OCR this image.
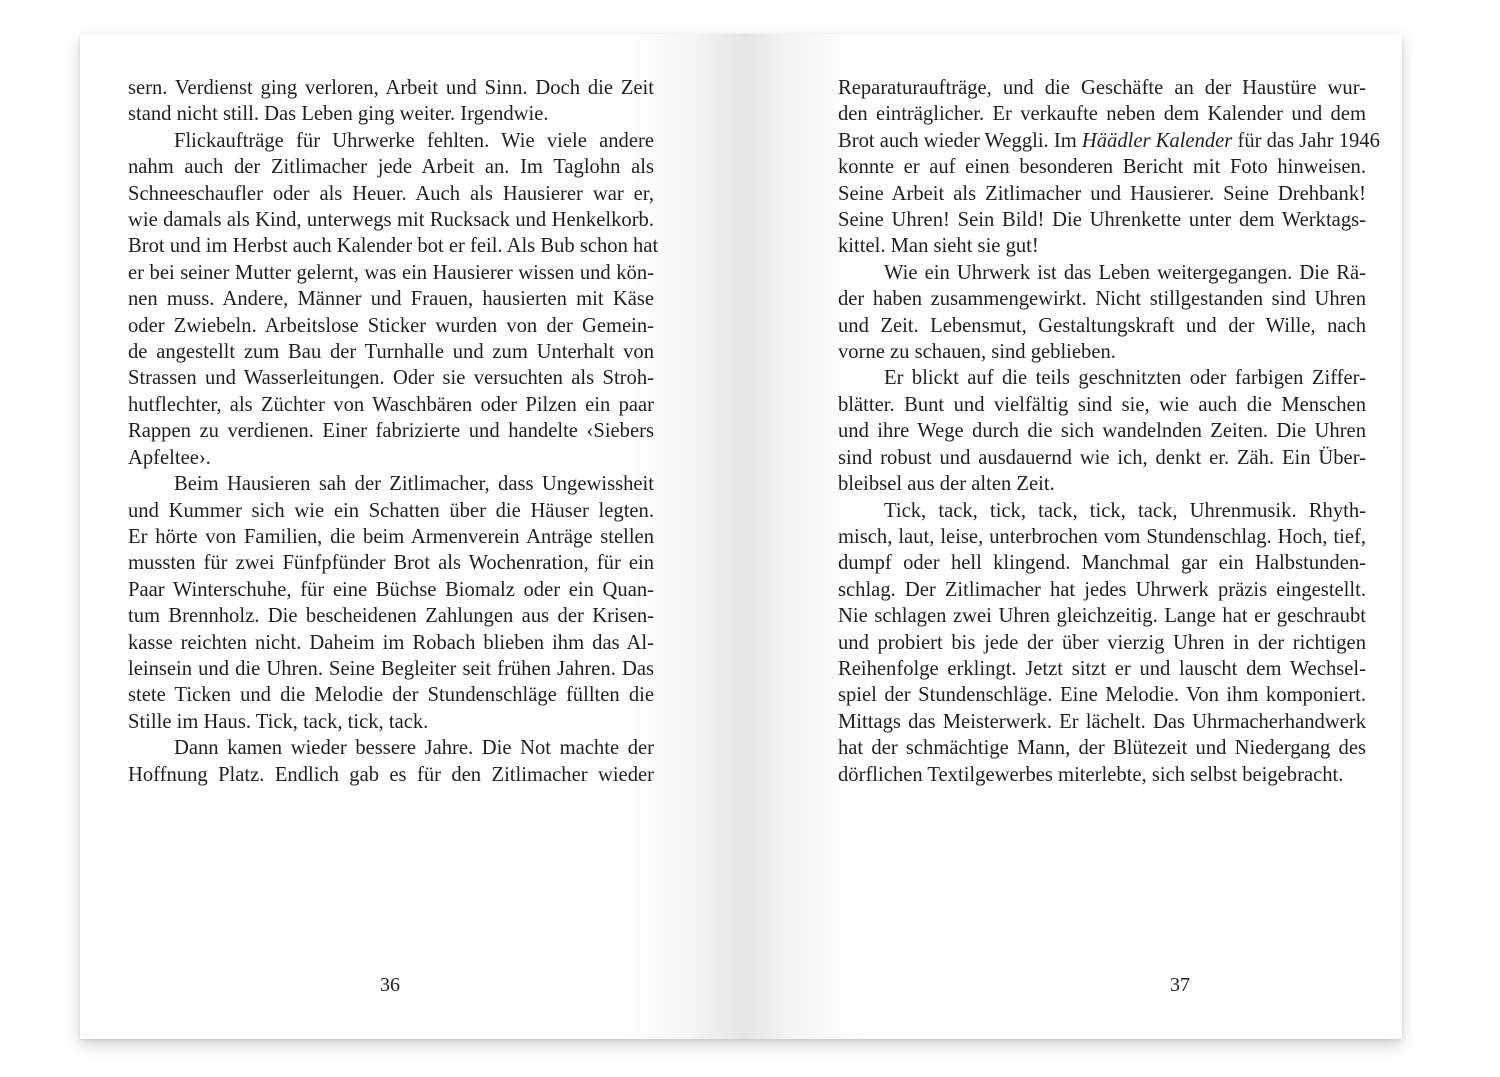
sern. Verdienst ging verloren, Arbeit und Sinn. Doch die Zeit
stand nicht still. Das Leben ging weiter. Irgendwie.
Flickaufträge für Uhrwerke fehlten. Wie viele andere
nahm auch der Zitlimacher jede Arbeit an. Im Taglohn als
Schneeschaufler oder als Heuer. Auch als Hausierer war er,
wie damals als Kind, unterwegs mit Rucksack und Henkelkorb.
Brot und im Herbst auch Kalender bot er feil. Als Bub schon hat
er bei seiner Mutter gelernt, was ein Hausierer wissen und kön-
nen muss. Andere, Männer und Frauen, hausierten mit Käse
oder Zwiebeln. Arbeitslose Sticker wurden von der Gemein-
de angestellt zum Bau der Turnhalle und zum Unterhalt von
Strassen und Wasserleitungen. Oder sie versuchten als Stroh-
hutflechter, als Züchter von Waschbären oder Pilzen ein paar
Rappen zu verdienen. Einer fabrizierte und handelte ‹Siebers
Apfeltee›.
Beim Hausieren sah der Zitlimacher, dass Ungewissheit
und Kummer sich wie ein Schatten über die Häuser legten.
Er hörte von Familien, die beim Armenverein Anträge stellen
mussten für zwei Fünfpfünder Brot als Wochenration, für ein
Paar Winterschuhe, für eine Büchse Biomalz oder ein Quan-
tum Brennholz. Die bescheidenen Zahlungen aus der Krisen-
kasse reichten nicht. Daheim im Robach blieben ihm das Al-
leinsein und die Uhren. Seine Begleiter seit frühen Jahren. Das
stete Ticken und die Melodie der Stundenschläge füllten die
Stille im Haus. Tick, tack, tick, tack.
Dann kamen wieder bessere Jahre. Die Not machte der
Hoffnung Platz. Endlich gab es für den Zitlimacher wieder
36
Reparaturaufträge, und die Geschäfte an der Haustüre wur-
den einträglicher. Er verkaufte neben dem Kalender und dem
Brot auch wieder Weggli. Im Häädler Kalender für das Jahr 1946
konnte er auf einen besonderen Bericht mit Foto hinweisen.
Seine Arbeit als Zitlimacher und Hausierer. Seine Drehbank!
Seine Uhren! Sein Bild! Die Uhrenkette unter dem Werktags-
kittel. Man sieht sie gut!
Wie ein Uhrwerk ist das Leben weitergegangen. Die Rä-
der haben zusammengewirkt. Nicht stillgestanden sind Uhren
und Zeit. Lebensmut, Gestaltungskraft und der Wille, nach
vorne zu schauen, sind geblieben.
Er blickt auf die teils geschnitzten oder farbigen Ziffer-
blätter. Bunt und vielfältig sind sie, wie auch die Menschen
und ihre Wege durch die sich wandelnden Zeiten. Die Uhren
sind robust und ausdauernd wie ich, denkt er. Zäh. Ein Über-
bleibsel aus der alten Zeit.
Tick, tack, tick, tack, tick, tack, Uhrenmusik. Rhyth-
misch, laut, leise, unterbrochen vom Stundenschlag. Hoch, tief,
dumpf oder hell klingend. Manchmal gar ein Halbstunden-
schlag. Der Zitlimacher hat jedes Uhrwerk präzis eingestellt.
Nie schlagen zwei Uhren gleichzeitig. Lange hat er geschraubt
und probiert bis jede der über vierzig Uhren in der richtigen
Reihenfolge erklingt. Jetzt sitzt er und lauscht dem Wechsel-
spiel der Stundenschläge. Eine Melodie. Von ihm komponiert.
Mittags das Meisterwerk. Er lächelt. Das Uhrmacherhandwerk
hat der schmächtige Mann, der Blütezeit und Niedergang des
dörflichen Textilgewerbes miterlebte, sich selbst beigebracht.
37
